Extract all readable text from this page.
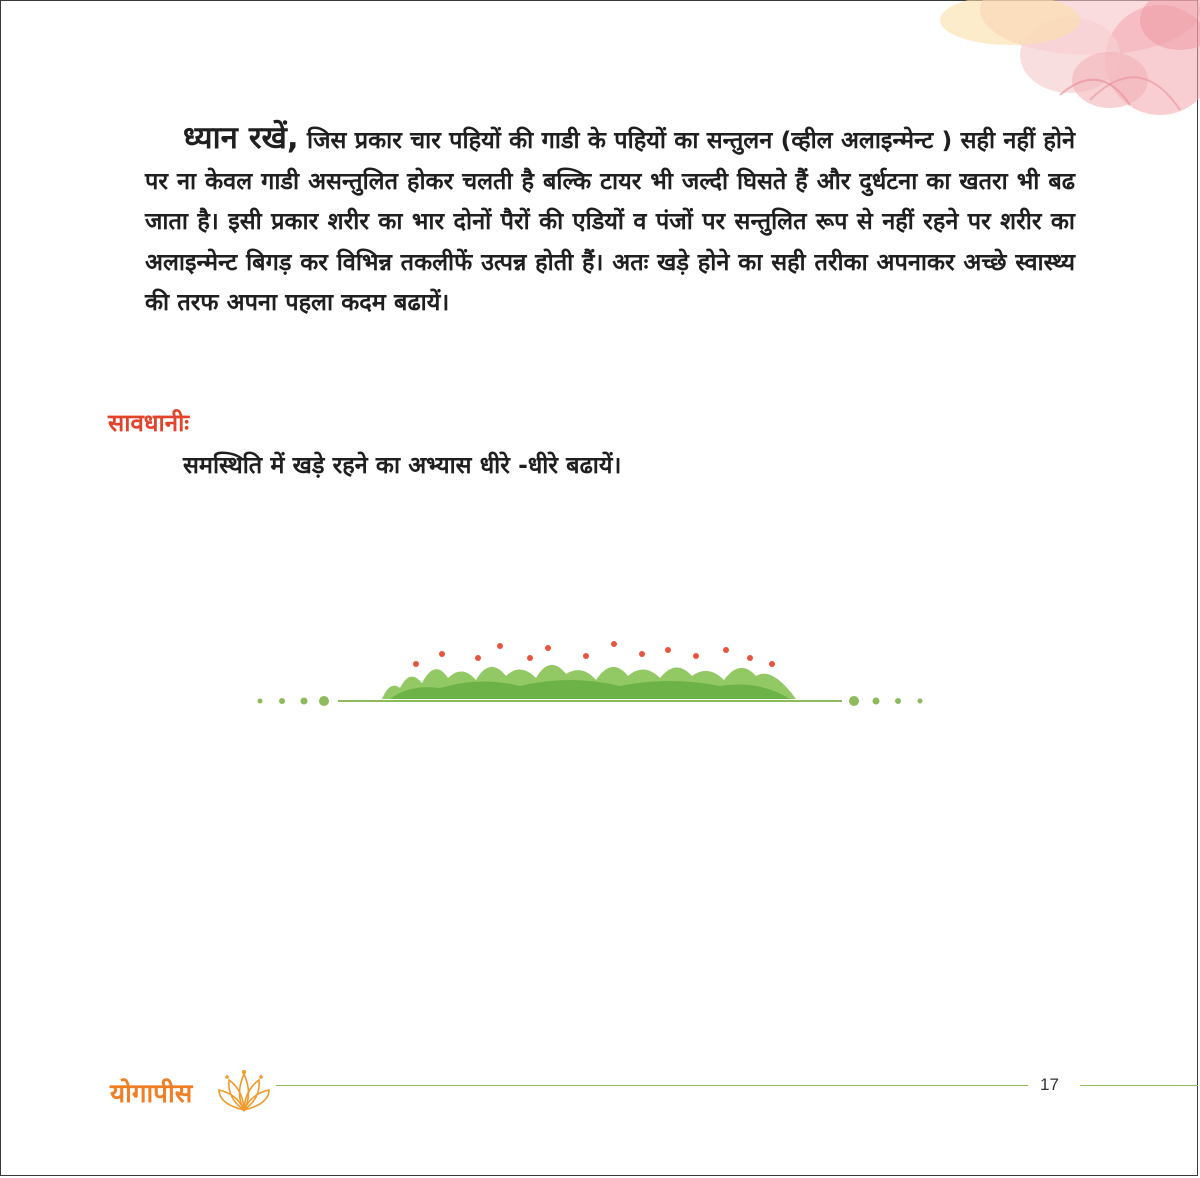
ध्यान रखें, जिस प्रकार चार पहियों की गाडी के पहियों का सन्तुलन (व्हील अलाइन्मेन्ट ) सही नहीं होने पर ना केवल गाडी असन्तुलित होकर चलती है बल्कि टायर भी जल्दी घिसते हैं और दुर्धटना का खतरा भी बढ जाता है। इसी प्रकार शरीर का भार दोनों पैरों की एडियों व पंजों पर सन्तुलित रूप से नहीं रहने पर शरीर का अलाइन्मेन्ट बिगड़ कर विभिन्न तकलीफें उत्पन्न होती हैं। अतः खड़े होने का सही तरीका अपनाकर अच्छे स्वास्थ्य की तरफ अपना पहला कदम बढायें।
सावधानीः
समस्थिति में खड़े रहने का अभ्यास धीरे -धीरे बढायें।
योगापीस	17
